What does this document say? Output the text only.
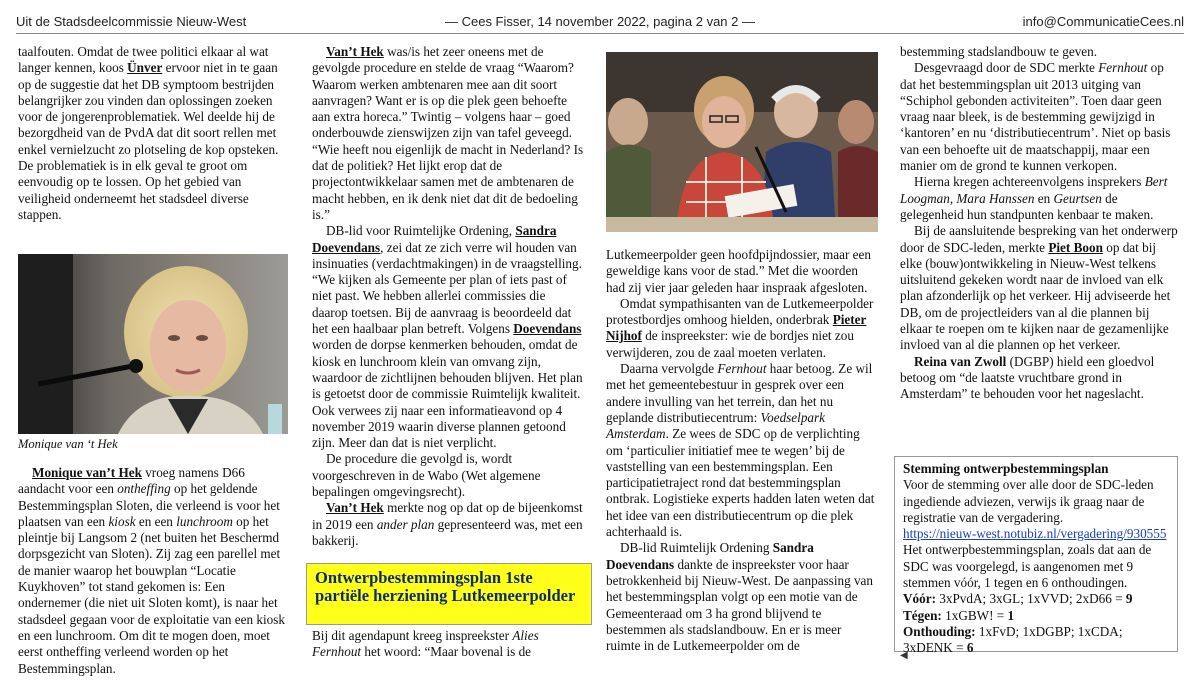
Uit de Stadsdeelcommissie Nieuw-West	— Cees Fisser, 14 november 2022, pagina 2 van 2 —	info@CommunicatieCees.nl

taalfouten. Omdat de twee politici elkaar al wat langer kennen, koos Ünver ervoor niet in te gaan op de suggestie dat het DB symptoom bestrijden belangrijker zou vinden dan oplossingen zoeken voor de jongerenproblematiek. Wel deelde hij de bezorgdheid van de PvdA dat dit soort rellen met enkel vernielzucht zo plotseling de kop opsteken. De problematiek is in elk geval te groot om eenvoudig op te lossen. Op het gebied van veiligheid onderneemt het stadsdeel diverse stappen.

Monique van ‘t Hek

Monique van’t Hek vroeg namens D66 aandacht voor een ontheffing op het geldende Bestemmingsplan Sloten, die verleend is voor het plaatsen van een kiosk en een lunchroom op het pleintje bij Langsom 2 (net buiten het Beschermd dorpsgezicht van Sloten). Zij zag een parellel met de manier waarop het bouwplan “Locatie Kuykhoven” tot stand gekomen is: Een ondernemer (die niet uit Sloten komt), is naar het stadsdeel gegaan voor de exploitatie van een kiosk en een lunchroom. Om dit te mogen doen, moet eerst ontheffing verleend worden op het Bestemmingsplan.

Van’t Hek was/is het zeer oneens met de gevolgde procedure en stelde de vraag “Waarom? Waarom werken ambtenaren mee aan dit soort aanvragen? Want er is op die plek geen behoefte aan extra horeca.” Twintig – volgens haar – goed onderbouwde zienswijzen zijn van tafel geveegd. “Wie heeft nou eigenlijk de macht in Nederland? Is dat de politiek? Het lijkt erop dat de projectontwikkelaar samen met de ambtenaren de macht hebben, en ik denk niet dat dit de bedoeling is.”

DB-lid voor Ruimtelijke Ordening, Sandra Doevendans, zei dat ze zich verre wil houden van insinuaties (verdachtmakingen) in de vraagstelling. “We kijken als Gemeente per plan of iets past of niet past. We hebben allerlei commissies die daarop toetsen. Bij de aanvraag is beoordeeld dat het een haalbaar plan betreft. Volgens Doevendans worden de dorpse kenmerken behouden, omdat de kiosk en lunchroom klein van omvang zijn, waardoor de zichtlijnen behouden blijven. Het plan is getoetst door de commissie Ruimtelijk kwaliteit. Ook verwees zij naar een informatieavond op 4 november 2019 waarin diverse plannen getoond zijn. Meer dan dat is niet verplicht.

De procedure die gevolgd is, wordt voorgeschreven in de Wabo (Wet algemene bepalingen omgevingsrecht).

Van’t Hek merkte nog op dat op de bijeenkomst in 2019 een ander plan gepresenteerd was, met een bakkerij.

Ontwerpbestemmingsplan 1ste partiële herziening Lutkemeerpolder

Bij dit agendapunt kreeg inspreekster Alies Fernhout het woord: “Maar bovenal is de

Lutkemeerpolder geen hoofdpijndossier, maar een geweldige kans voor de stad.” Met die woorden had zij vier jaar geleden haar inspraak afgesloten.

Omdat sympathisanten van de Lutkemeerpolder protestbordjes omhoog hielden, onderbrak Pieter Nijhof de inspreekster: wie de bordjes niet zou verwijderen, zou de zaal moeten verlaten.

Daarna vervolgde Fernhout haar betoog. Ze wil met het gemeentebestuur in gesprek over een andere invulling van het terrein, dan het nu geplande distributiecentrum: Voedselpark Amsterdam. Ze wees de SDC op de verplichting om ‘particulier initiatief mee te wegen’ bij de vaststelling van een bestemmingsplan. Een participatietraject rond dat bestemmingsplan ontbrak. Logistieke experts hadden laten weten dat het idee van een distributiecentrum op die plek achterhaald is.

DB-lid Ruimtelijk Ordening Sandra Doevendans dankte de inspreekster voor haar betrokkenheid bij Nieuw-West. De aanpassing van het bestemmingsplan volgt op een motie van de Gemeenteraad om 3 ha grond blijvend te bestemmen als stadslandbouw. En er is meer ruimte in de Lutkemeerpolder om de

bestemming stadslandbouw te geven.

Desgevraagd door de SDC merkte Fernhout op dat het bestemmingsplan uit 2013 uitging van “Schiphol gebonden activiteiten”. Toen daar geen vraag naar bleek, is de bestemming gewijzigd in ‘kantoren’ en nu ‘distributiecentrum’. Niet op basis van een behoefte uit de maatschappij, maar een manier om de grond te kunnen verkopen.

Hierna kregen achtereenvolgens insprekers Bert Loogman, Mara Hanssen en Geurtsen de gelegenheid hun standpunten kenbaar te maken.

Bij de aansluitende bespreking van het onderwerp door de SDC-leden, merkte Piet Boon op dat bij elke (bouw)ontwikkeling in Nieuw-West telkens uitsluitend gekeken wordt naar de invloed van elk plan afzonderlijk op het verkeer. Hij adviseerde het DB, om de projectleiders van al die plannen bij elkaar te roepen om te kijken naar de gezamenlijke invloed van al die plannen op het verkeer.

Reina van Zwoll (DGBP) hield een gloedvol betoog om “de laatste vruchtbare grond in Amsterdam” te behouden voor het nageslacht.

Stemming ontwerpbestemmingsplan
Voor de stemming over alle door de SDC-leden ingediende adviezen, verwijs ik graag naar de registratie van de vergadering.
https://nieuw-west.notubiz.nl/vergadering/930555
Het ontwerpbestemmingsplan, zoals dat aan de SDC was voorgelegd, is aangenomen met 9 stemmen vóór, 1 tegen en 6 onthoudingen.
Vóór: 3xPvdA; 3xGL; 1xVVD; 2xD66 = 9
Tégen: 1xGBW! = 1
Onthouding: 1xFvD; 1xDGBP; 1xCDA; 3xDENK = 6
◀
